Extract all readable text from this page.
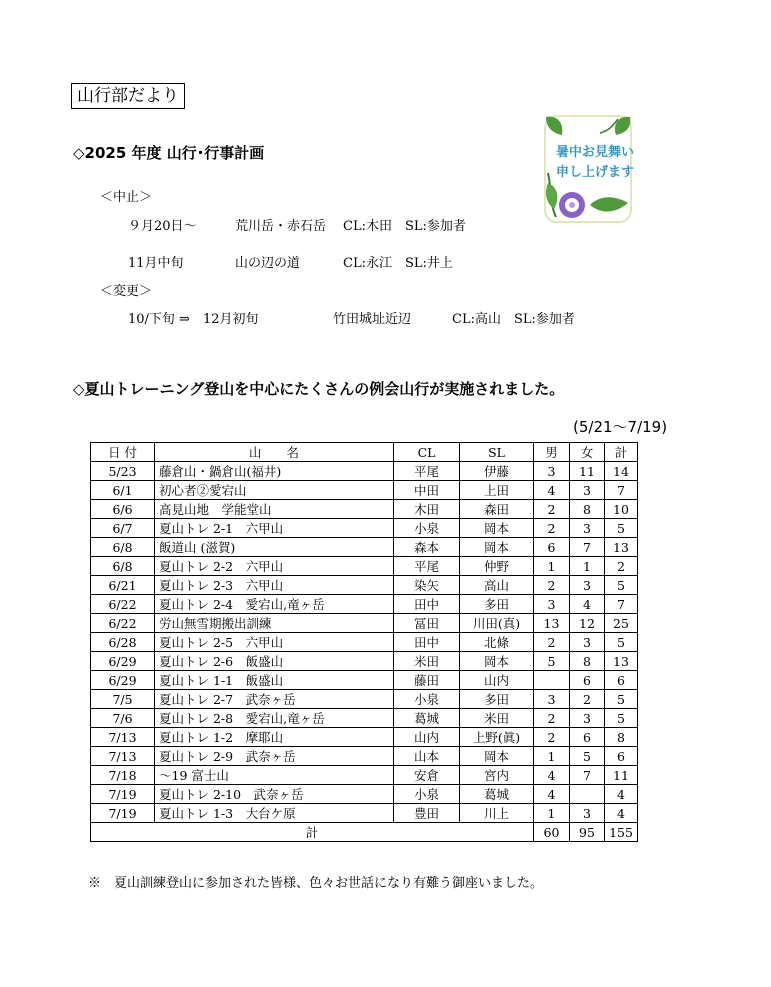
山行部だより
◇2025 年度 山行･行事計画
＜中止＞
９月20日～	荒川岳・赤石岳 CL:木田 SL:参加者
11月中旬	山の辺の道	CL:永江 SL:井上
＜変更＞
10/下旬 ⇒　12月初旬	竹田城址近辺	CL:高山 SL:参加者
暑中お見舞い
申し上げます
◇夏山トレーニング登山を中心にたくさんの例会山行が実施されました。
(5/21～7/19)
日 付	山　　名	CL	SL	男	女	計
5/23	藤倉山・鍋倉山(福井)	平尾	伊藤	3	11	14
6/1	初心者②愛宕山	中田	上田	4	3	7
6/6	高見山地　学能堂山	木田	森田	2	8	10
6/7	夏山トレ 2-1　六甲山	小泉	岡本	2	3	5
6/8	飯道山 (滋賀)	森本	岡本	6	7	13
6/8	夏山トレ 2-2　六甲山	平尾	仲野	1	1	2
6/21	夏山トレ 2-3　六甲山	染矢	高山	2	3	5
6/22	夏山トレ 2-4　愛宕山,竜ヶ岳	田中	多田	3	4	7
6/22	労山無雪期搬出訓練	冨田	川田(真)	13	12	25
6/28	夏山トレ 2-5　六甲山	田中	北條	2	3	5
6/29	夏山トレ 2-6　飯盛山	米田	岡本	5	8	13
6/29	夏山トレ 1-1　飯盛山	藤田	山内		6	6
7/5	夏山トレ 2-7　武奈ヶ岳	小泉	多田	3	2	5
7/6	夏山トレ 2-8　愛宕山,竜ヶ岳	葛城	米田	2	3	5
7/13	夏山トレ 1-2　摩耶山	山内	上野(眞)	2	6	8
7/13	夏山トレ 2-9　武奈ヶ岳	山本	岡本	1	5	6
7/18	～19 富士山	安倉	宮内	4	7	11
7/19	夏山トレ 2-10　武奈ヶ岳	小泉	葛城	4		4
7/19	夏山トレ 1-3　大台ケ原	豊田	川上	1	3	4
計				60	95	155
※　夏山訓練登山に参加された皆様、色々お世話になり有難う御座いました。
